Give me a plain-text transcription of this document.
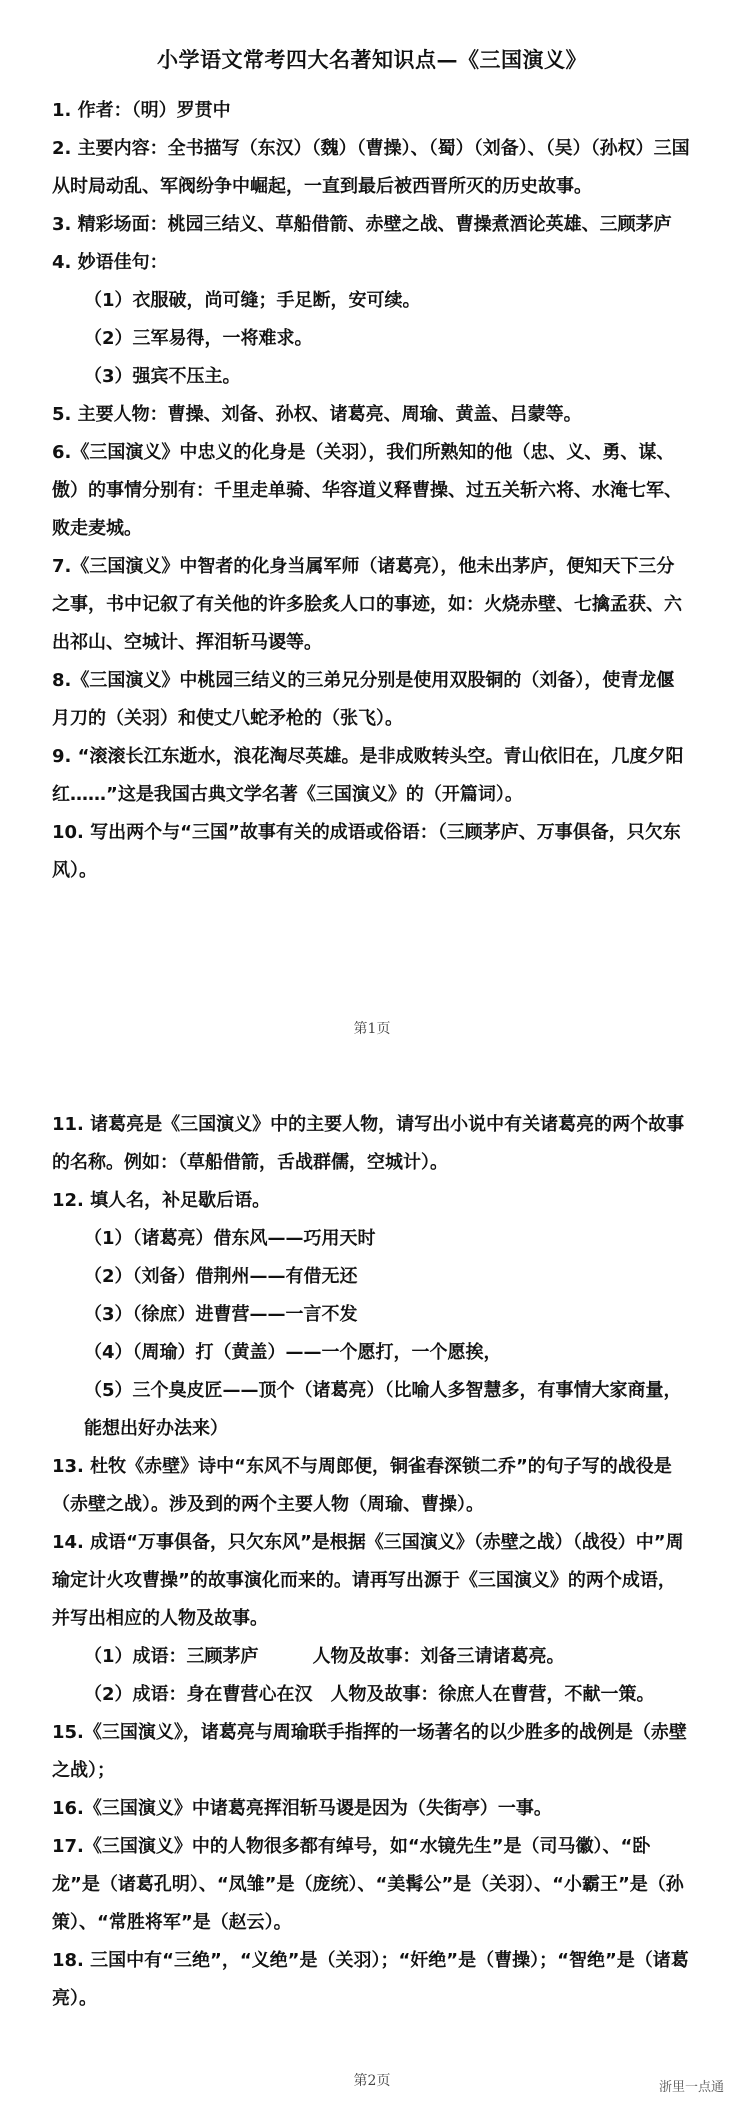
小学语文常考四大名著知识点—《三国演义》

1. 作者：（明）罗贯中

2. 主要内容：全书描写（东汉）（魏）（曹操）、（蜀）（刘备）、（吴）（孙权）三国从时局动乱、军阀纷争中崛起，一直到最后被西晋所灭的历史故事。

3. 精彩场面：桃园三结义、草船借箭、赤壁之战、曹操煮酒论英雄、三顾茅庐

4. 妙语佳句：

（1）衣服破，尚可缝；手足断，安可续。

（2）三军易得，一将难求。

（3）强宾不压主。

5. 主要人物：曹操、刘备、孙权、诸葛亮、周瑜、黄盖、吕蒙等。

6.《三国演义》中忠义的化身是（关羽），我们所熟知的他（忠、义、勇、谋、傲）的事情分别有：千里走单骑、华容道义释曹操、过五关斩六将、水淹七军、败走麦城。

7.《三国演义》中智者的化身当属军师（诸葛亮），他未出茅庐，便知天下三分之事，书中记叙了有关他的许多脍炙人口的事迹，如：火烧赤壁、七擒孟获、六出祁山、空城计、挥泪斩马谡等。

8.《三国演义》中桃园三结义的三弟兄分别是使用双股铜的（刘备），使青龙偃月刀的（关羽）和使丈八蛇矛枪的（张飞）。

9. “滚滚长江东逝水，浪花淘尽英雄。是非成败转头空。青山依旧在，几度夕阳红……”这是我国古典文学名著《三国演义》的（开篇词）。

10. 写出两个与“三国”故事有关的成语或俗语：（三顾茅庐、万事俱备，只欠东风）。

第1页

11. 诸葛亮是《三国演义》中的主要人物，请写出小说中有关诸葛亮的两个故事的名称。例如：（草船借箭，舌战群儒，空城计）。

12. 填人名，补足歇后语。

（1）（诸葛亮）借东风——巧用天时

（2）（刘备）借荆州——有借无还

（3）（徐庶）进曹营——一言不发

（4）（周瑜）打（黄盖）——一个愿打，一个愿挨，

（5）三个臭皮匠——顶个（诸葛亮）（比喻人多智慧多，有事情大家商量，能想出好办法来）

13. 杜牧《赤壁》诗中“东风不与周郎便，铜雀春深锁二乔”的句子写的战役是（赤壁之战）。涉及到的两个主要人物（周瑜、曹操）。

14. 成语“万事俱备，只欠东风”是根据《三国演义》（赤壁之战）（战役）中”周瑜定计火攻曹操”的故事演化而来的。请再写出源于《三国演义》的两个成语，并写出相应的人物及故事。

（1）成语：三顾茅庐　　　人物及故事：刘备三请诸葛亮。

（2）成语：身在曹营心在汉　人物及故事：徐庶人在曹营，不献一策。

15.《三国演义》，诸葛亮与周瑜联手指挥的一场著名的以少胜多的战例是（赤壁之战）；

16.《三国演义》中诸葛亮挥泪斩马谡是因为（失街亭）一事。

17.《三国演义》中的人物很多都有绰号，如“水镜先生”是（司马徽）、“卧龙”是（诸葛孔明）、“凤雏”是（庞统）、“美髯公”是（关羽）、“小霸王”是（孙策）、“常胜将军”是（赵云）。

18. 三国中有“三绝”，“义绝”是（关羽）；“奸绝”是（曹操）；“智绝”是（诸葛亮）。

第2页	浙里一点通
